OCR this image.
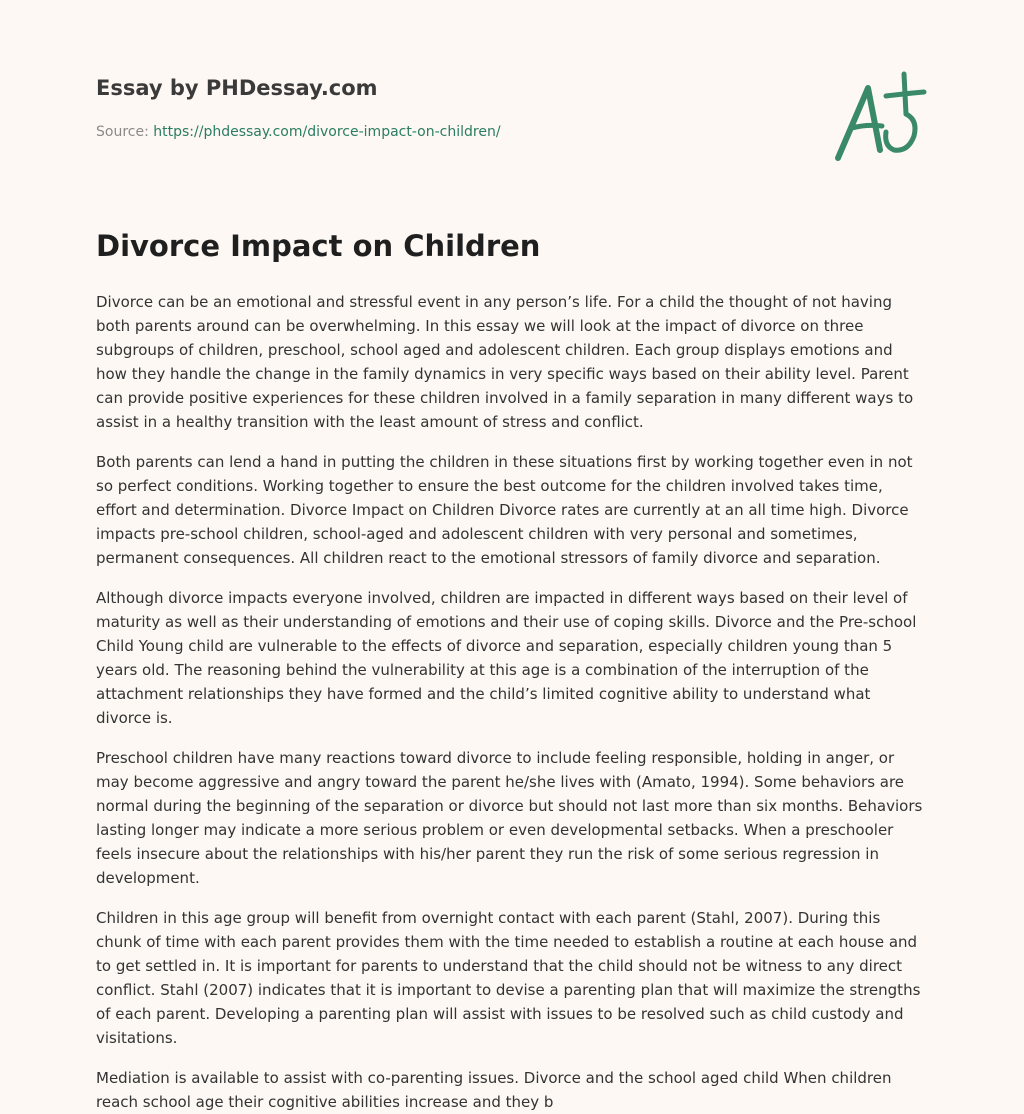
Essay by PHDessay.com
Source: https://phdessay.com/divorce-impact-on-children/
Divorce Impact on Children

Divorce can be an emotional and stressful event in any person’s life. For a child the thought of not having both parents around can be overwhelming. In this essay we will look at the impact of divorce on three subgroups of children, preschool, school aged and adolescent children. Each group displays emotions and how they handle the change in the family dynamics in very specific ways based on their ability level. Parent can provide positive experiences for these children involved in a family separation in many different ways to assist in a healthy transition with the least amount of stress and conflict.

Both parents can lend a hand in putting the children in these situations first by working together even in not so perfect conditions. Working together to ensure the best outcome for the children involved takes time, effort and determination. Divorce Impact on Children Divorce rates are currently at an all time high. Divorce impacts pre-school children, school-aged and adolescent children with very personal and sometimes, permanent consequences. All children react to the emotional stressors of family divorce and separation.

Although divorce impacts everyone involved, children are impacted in different ways based on their level of maturity as well as their understanding of emotions and their use of coping skills. Divorce and the Pre-school Child Young child are vulnerable to the effects of divorce and separation, especially children young than 5 years old. The reasoning behind the vulnerability at this age is a combination of the interruption of the attachment relationships they have formed and the child’s limited cognitive ability to understand what divorce is.

Preschool children have many reactions toward divorce to include feeling responsible, holding in anger, or may become aggressive and angry toward the parent he/she lives with (Amato, 1994). Some behaviors are normal during the beginning of the separation or divorce but should not last more than six months. Behaviors lasting longer may indicate a more serious problem or even developmental setbacks. When a preschooler feels insecure about the relationships with his/her parent they run the risk of some serious regression in development.

Children in this age group will benefit from overnight contact with each parent (Stahl, 2007). During this chunk of time with each parent provides them with the time needed to establish a routine at each house and to get settled in. It is important for parents to understand that the child should not be witness to any direct conflict. Stahl (2007) indicates that it is important to devise a parenting plan that will maximize the strengths of each parent. Developing a parenting plan will assist with issues to be resolved such as child custody and visitations.

Mediation is available to assist with co-parenting issues. Divorce and the school aged child When children reach school age their cognitive abilities increase and they b
